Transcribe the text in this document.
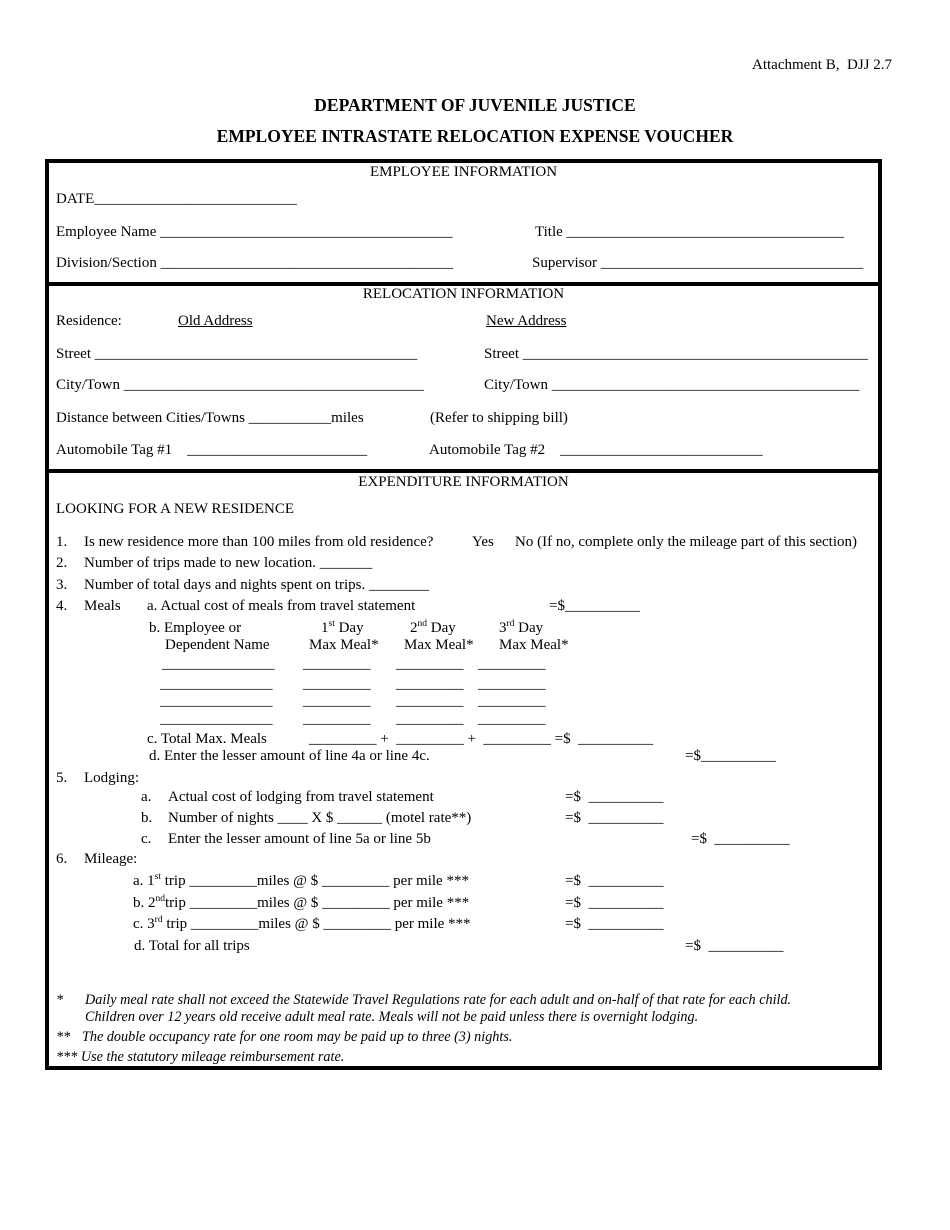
Attachment B,  DJJ 2.7
DEPARTMENT OF JUVENILE JUSTICE
EMPLOYEE INTRASTATE RELOCATION EXPENSE VOUCHER
EMPLOYEE INFORMATION
DATE___________________________
Employee Name _______________________________________	Title _____________________________________
Division/Section _______________________________________	Supervisor ___________________________________
RELOCATION INFORMATION
Residence:	Old Address	New Address
Street ___________________________________________	Street ______________________________________________
City/Town ________________________________________	City/Town _________________________________________
Distance between Cities/Towns ___________miles	(Refer to shipping bill)
Automobile Tag #1    ________________________	Automobile Tag #2    ___________________________
EXPENDITURE INFORMATION
LOOKING FOR A NEW RESIDENCE
1. Is new residence more than 100 miles from old residence?	Yes No (If no, complete only the mileage part of this section)
2. Number of trips made to new location. _______
3. Number of total days and nights spent on trips. ________
4. Meals a. Actual cost of meals from travel statement	=$__________
b. Employee or
Dependent Name
1st Day	2nd Day	3rd Day
Max Meal* Max Meal* Max Meal*
_______________ _________ _________ _________
_______________ _________ _________ _________
_______________ _________ _________ _________
_______________ _________ _________ _________
c. Total Max. Meals	_________ +  _________ +  _________ =$  __________
d. Enter the lesser amount of line 4a or line 4c.	=$__________
5. Lodging:
a. Actual cost of lodging from travel statement	=$  __________
b. Number of nights ____ X $ ______ (motel rate**)	=$  __________
c. Enter the lesser amount of line 5a or line 5b	=$  __________
6. Mileage:
a. 1st trip _________miles @ $ _________ per mile ***	=$  __________
b. 2ndtrip _________miles @ $ _________ per mile ***	=$  __________
c. 3rd trip _________miles @ $ _________ per mile ***	=$  __________
d. Total for all trips	=$  __________
* Daily meal rate shall not exceed the Statewide Travel Regulations rate for each adult and on-half of that rate for each child.
Children over 12 years old receive adult meal rate. Meals will not be paid unless there is overnight lodging.
** The double occupancy rate for one room may be paid up to three (3) nights.
*** Use the statutory mileage reimbursement rate.
